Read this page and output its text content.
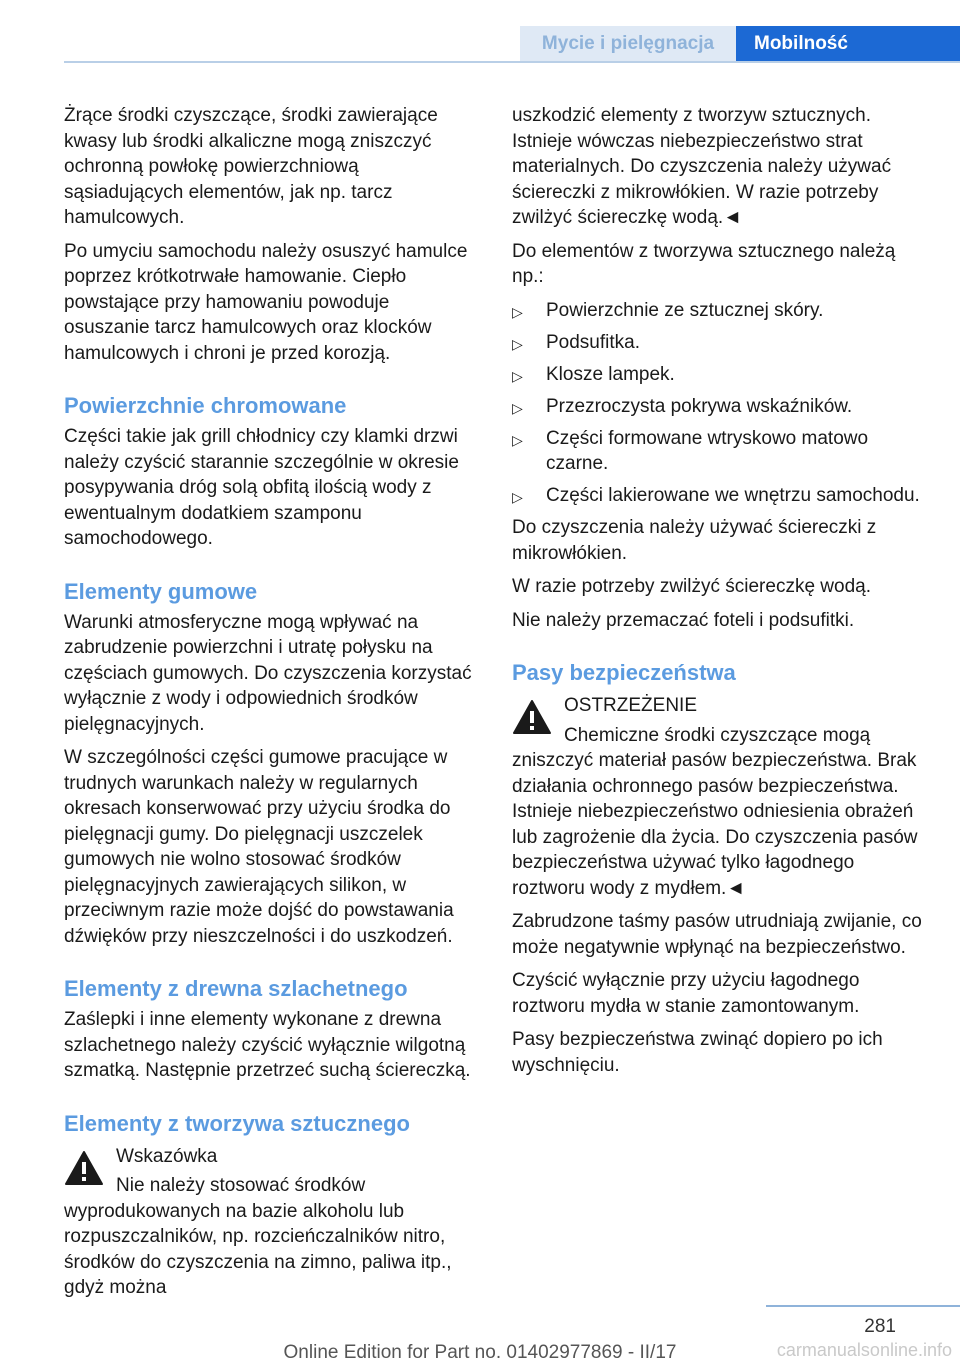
Mycie i pielęgnacja	Mobilność

Żrące środki czyszczące, środki zawierające kwasy lub środki alkaliczne mogą zniszczyć ochronną powłokę powierzchniową sąsiadujących elementów, jak np. tarcz hamulcowych.

Po umyciu samochodu należy osuszyć hamulce poprzez krótkotrwałe hamowanie. Ciepło powstające przy hamowaniu powoduje osuszanie tarcz hamulcowych oraz klocków hamulcowych i chroni je przed korozją.

Powierzchnie chromowane

Części takie jak grill chłodnicy czy klamki drzwi należy czyścić starannie szczególnie w okresie posypywania dróg solą obfitą ilością wody z ewentualnym dodatkiem szamponu samochodowego.

Elementy gumowe

Warunki atmosferyczne mogą wpływać na zabrudzenie powierzchni i utratę połysku na częściach gumowych. Do czyszczenia korzystać wyłącznie z wody i odpowiednich środków pielęgnacyjnych.

W szczególności części gumowe pracujące w trudnych warunkach należy w regularnych okresach konserwować przy użyciu środka do pielęgnacji gumy. Do pielęgnacji uszczelek gumowych nie wolno stosować środków pielęgnacyjnych zawierających silikon, w przeciwnym razie może dojść do powstawania dźwięków przy nieszczelności i do uszkodzeń.

Elementy z drewna szlachetnego

Zaślepki i inne elementy wykonane z drewna szlachetnego należy czyścić wyłącznie wilgotną szmatką. Następnie przetrzeć suchą ściereczką.

Elementy z tworzywa sztucznego

Wskazówka

Nie należy stosować środków wyprodukowanych na bazie alkoholu lub rozpuszczalników, np. rozcieńczalników nitro, środków do czyszczenia na zimno, paliwa itp., gdyż można

uszkodzić elementy z tworzyw sztucznych. Istnieje wówczas niebezpieczeństwo strat materialnych. Do czyszczenia należy używać ściereczki z mikrowłókien. W razie potrzeby zwilżyć ściereczkę wodą.◄

Do elementów z tworzywa sztucznego należą np.:

▷ Powierzchnie ze sztucznej skóry.
▷ Podsufitka.
▷ Klosze lampek.
▷ Przezroczysta pokrywa wskaźników.
▷ Części formowane wtryskowo matowo czarne.
▷ Części lakierowane we wnętrzu samochodu.

Do czyszczenia należy używać ściereczki z mikrowłókien.

W razie potrzeby zwilżyć ściereczkę wodą.

Nie należy przemaczać foteli i podsufitki.

Pasy bezpieczeństwa

OSTRZEŻENIE

Chemiczne środki czyszczące mogą zniszczyć materiał pasów bezpieczeństwa. Brak działania ochronnego pasów bezpieczeństwa. Istnieje niebezpieczeństwo odniesienia obrażeń lub zagrożenie dla życia. Do czyszczenia pasów bezpieczeństwa używać tylko łagodnego roztworu wody z mydłem.◄

Zabrudzone taśmy pasów utrudniają zwijanie, co może negatywnie wpłynąć na bezpieczeństwo.

Czyścić wyłącznie przy użyciu łagodnego roztworu mydła w stanie zamontowanym.

Pasy bezpieczeństwa zwinąć dopiero po ich wyschnięciu.

281
Online Edition for Part no. 01402977869 - II/17	carmanualsonline.info
